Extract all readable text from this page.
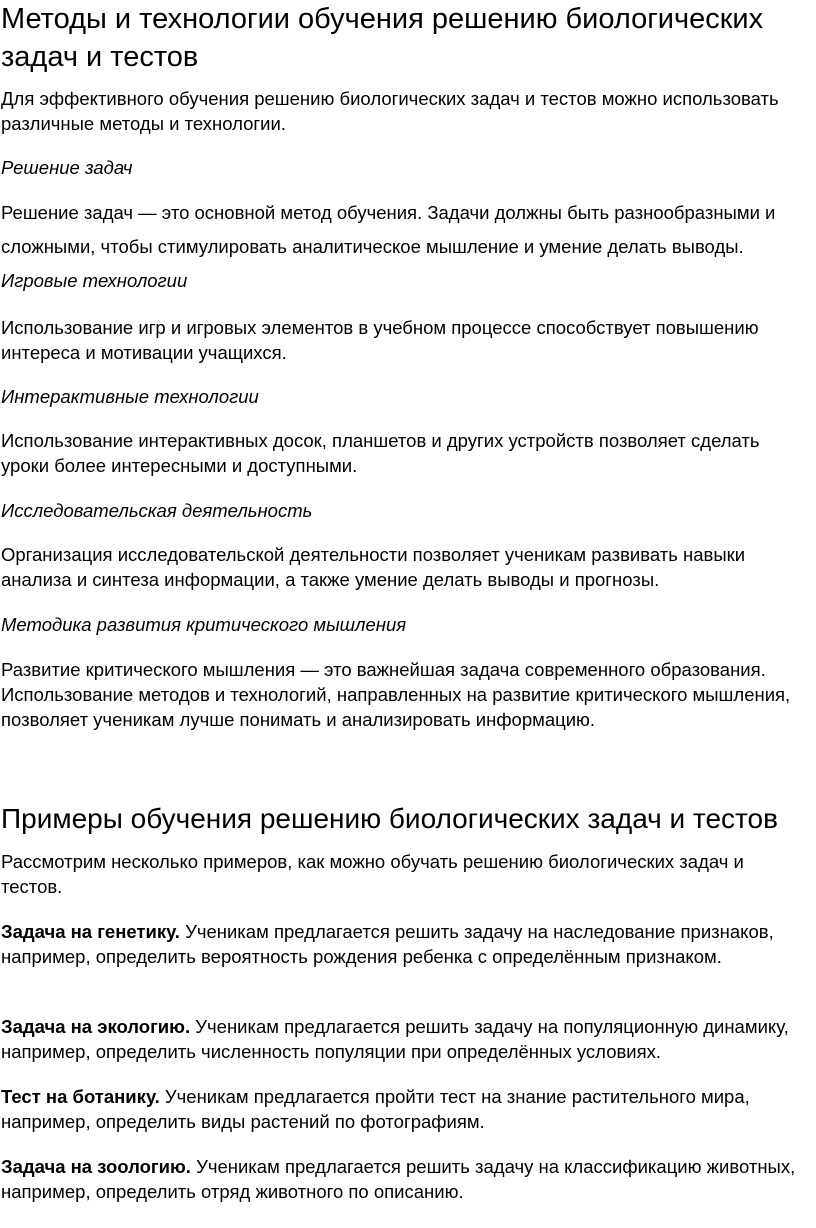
Методы и технологии обучения решению биологических задач и тестов

Для эффективного обучения решению биологических задач и тестов можно использовать различные методы и технологии.

Решение задач

Решение задач — это основной метод обучения. Задачи должны быть разнообразными и сложными, чтобы стимулировать аналитическое мышление и умение делать выводы. Игровые технологии

Использование игр и игровых элементов в учебном процессе способствует повышению интереса и мотивации учащихся.

Интерактивные технологии

Использование интерактивных досок, планшетов и других устройств позволяет сделать уроки более интересными и доступными.

Исследовательская деятельность

Организация исследовательской деятельности позволяет ученикам развивать навыки анализа и синтеза информации, а также умение делать выводы и прогнозы.

Методика развития критического мышления

Развитие критического мышления — это важнейшая задача современного образования. Использование методов и технологий, направленных на развитие критического мышления, позволяет ученикам лучше понимать и анализировать информацию.

Примеры обучения решению биологических задач и тестов

Рассмотрим несколько примеров, как можно обучать решению биологических задач и тестов.

Задача на генетику. Ученикам предлагается решить задачу на наследование признаков, например, определить вероятность рождения ребенка с определённым признаком.

Задача на экологию. Ученикам предлагается решить задачу на популяционную динамику, например, определить численность популяции при определённых условиях.

Тест на ботанику. Ученикам предлагается пройти тест на знание растительного мира, например, определить виды растений по фотографиям.

Задача на зоологию. Ученикам предлагается решить задачу на классификацию животных, например, определить отряд животного по описанию.
